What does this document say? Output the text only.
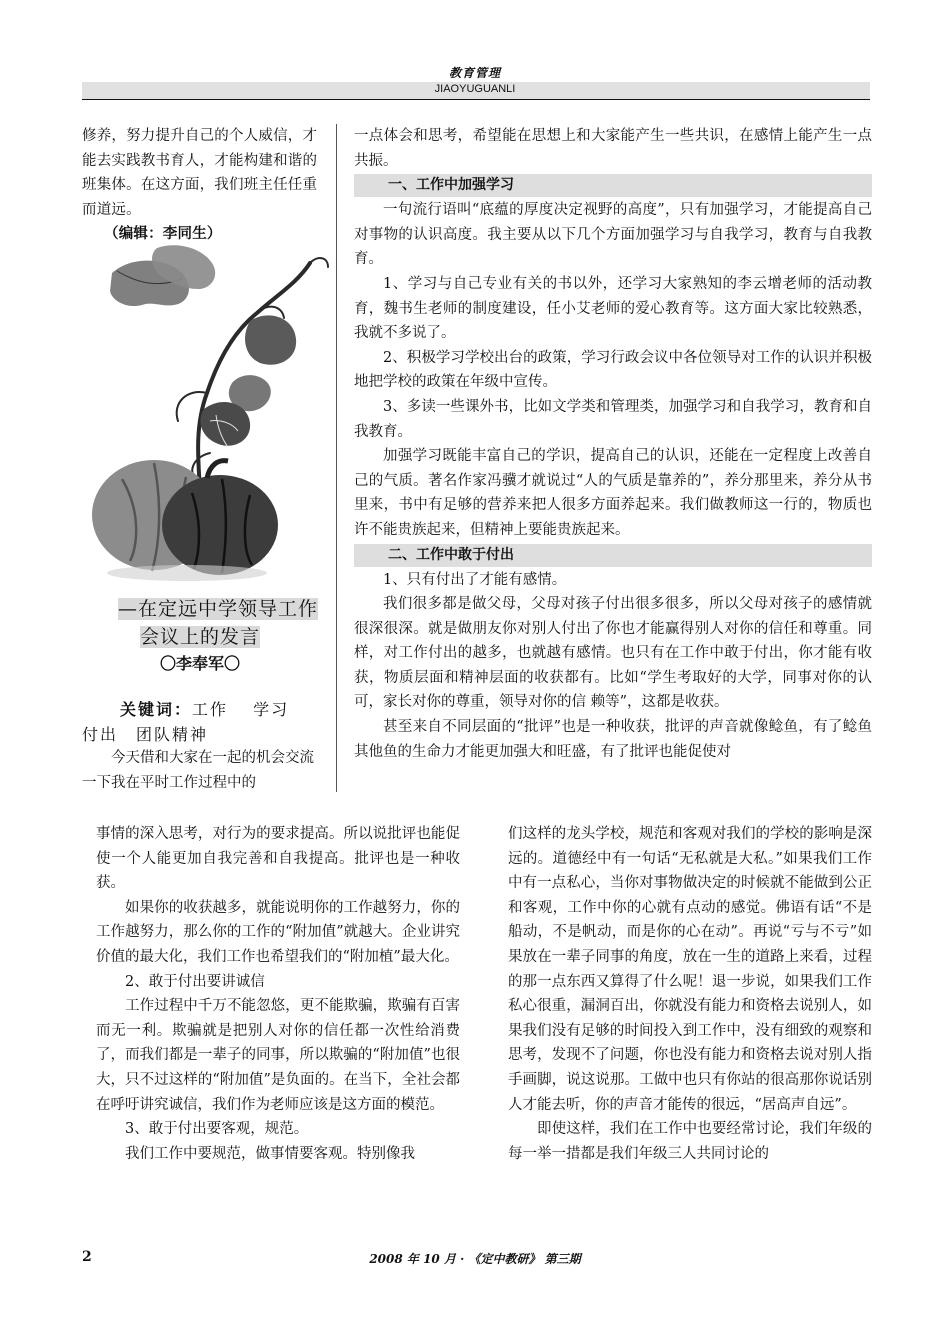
教育管理
JIAOYUGUANLI

修养，努力提升自己的个人威信，才能去实践教书育人，才能构建和谐的班集体。在这方面，我们班主任任重而道远。

（编辑：李同生）

—在定远中学领导工作
会议上的发言
〇李奉军〇
关键词：工作　 学习　付出　团队精神

今天借和大家在一起的机会交流一下我在平时工作过程中的

一点体会和思考，希望能在思想上和大家能产生一些共识，在感情上能产生一点共振。

一、工作中加强学习

一句流行语叫“底蕴的厚度决定视野的高度”，只有加强学习，才能提高自己对事物的认识高度。我主要从以下几个方面加强学习与自我学习，教育与自我教育。

1、学习与自己专业有关的书以外，还学习大家熟知的李云增老师的活动教育，魏书生老师的制度建设，任小艾老师的爱心教育等。这方面大家比较熟悉，我就不多说了。

2、积极学习学校出台的政策，学习行政会议中各位领导对工作的认识并积极地把学校的政策在年级中宣传。

3、多读一些课外书，比如文学类和管理类，加强学习和自我学习，教育和自我教育。

加强学习既能丰富自己的学识，提高自己的认识，还能在一定程度上改善自己的气质。著名作家冯骥才就说过“人的气质是靠养的”，养分那里来，养分从书里来，书中有足够的营养来把人很多方面养起来。我们做教师这一行的，物质也许不能贵族起来，但精神上要能贵族起来。

二、工作中敢于付出

1、只有付出了才能有感情。

我们很多都是做父母，父母对孩子付出很多很多，所以父母对孩子的感情就很深很深。就是做朋友你对别人付出了你也才能赢得别人对你的信任和尊重。同样，对工作付出的越多，也就越有感情。也只有在工作中敢于付出，你才能有收获，物质层面和精神层面的收获都有。比如“学生考取好的大学，同事对你的认可，家长对你的尊重，领导对你的信 赖等”，这都是收获。

甚至来自不同层面的“批评”也是一种收获，批评的声音就像鲶鱼，有了鲶鱼其他鱼的生命力才能更加强大和旺盛，有了批评也能促使对

事情的深入思考，对行为的要求提高。所以说批评也能促使一个人能更加自我完善和自我提高。批评也是一种收获。

如果你的收获越多，就能说明你的工作越努力，你的工作越努力，那么你的工作的“附加值”就越大。企业讲究价值的最大化，我们工作也希望我们的“附加植”最大化。

2、敢于付出要讲诚信

工作过程中千万不能忽悠，更不能欺骗，欺骗有百害而无一利。欺骗就是把别人对你的信任都一次性给消费了，而我们都是一辈子的同事，所以欺骗的“附加值”也很大，只不过这样的“附加值”是负面的。在当下，全社会都在呼吁讲究诚信，我们作为老师应该是这方面的模范。

3、敢于付出要客观，规范。

我们工作中要规范，做事情要客观。特别像我

们这样的龙头学校，规范和客观对我们的学校的影响是深远的。道德经中有一句话“无私就是大私。”如果我们工作中有一点私心，当你对事物做决定的时候就不能做到公正和客观，工作中你的心就有点动的感觉。佛语有话“不是船动，不是帆动，而是你的心在动”。再说“亏与不亏”如果放在一辈子同事的角度，放在一生的道路上来看，过程的那一点东西又算得了什么呢！退一步说，如果我们工作私心很重，漏洞百出，你就没有能力和资格去说别人，如果我们没有足够的时间投入到工作中，没有细致的观察和思考，发现不了问题，你也没有能力和资格去说对别人指手画脚，说这说那。工做中也只有你站的很高那你说话别人才能去听，你的声音才能传的很远，“居高声自远”。

即使这样，我们在工作中也要经常讨论，我们年级的每一举一措都是我们年级三人共同讨论的

2	2008 年 10 月 · 《定中教研》 第三期
